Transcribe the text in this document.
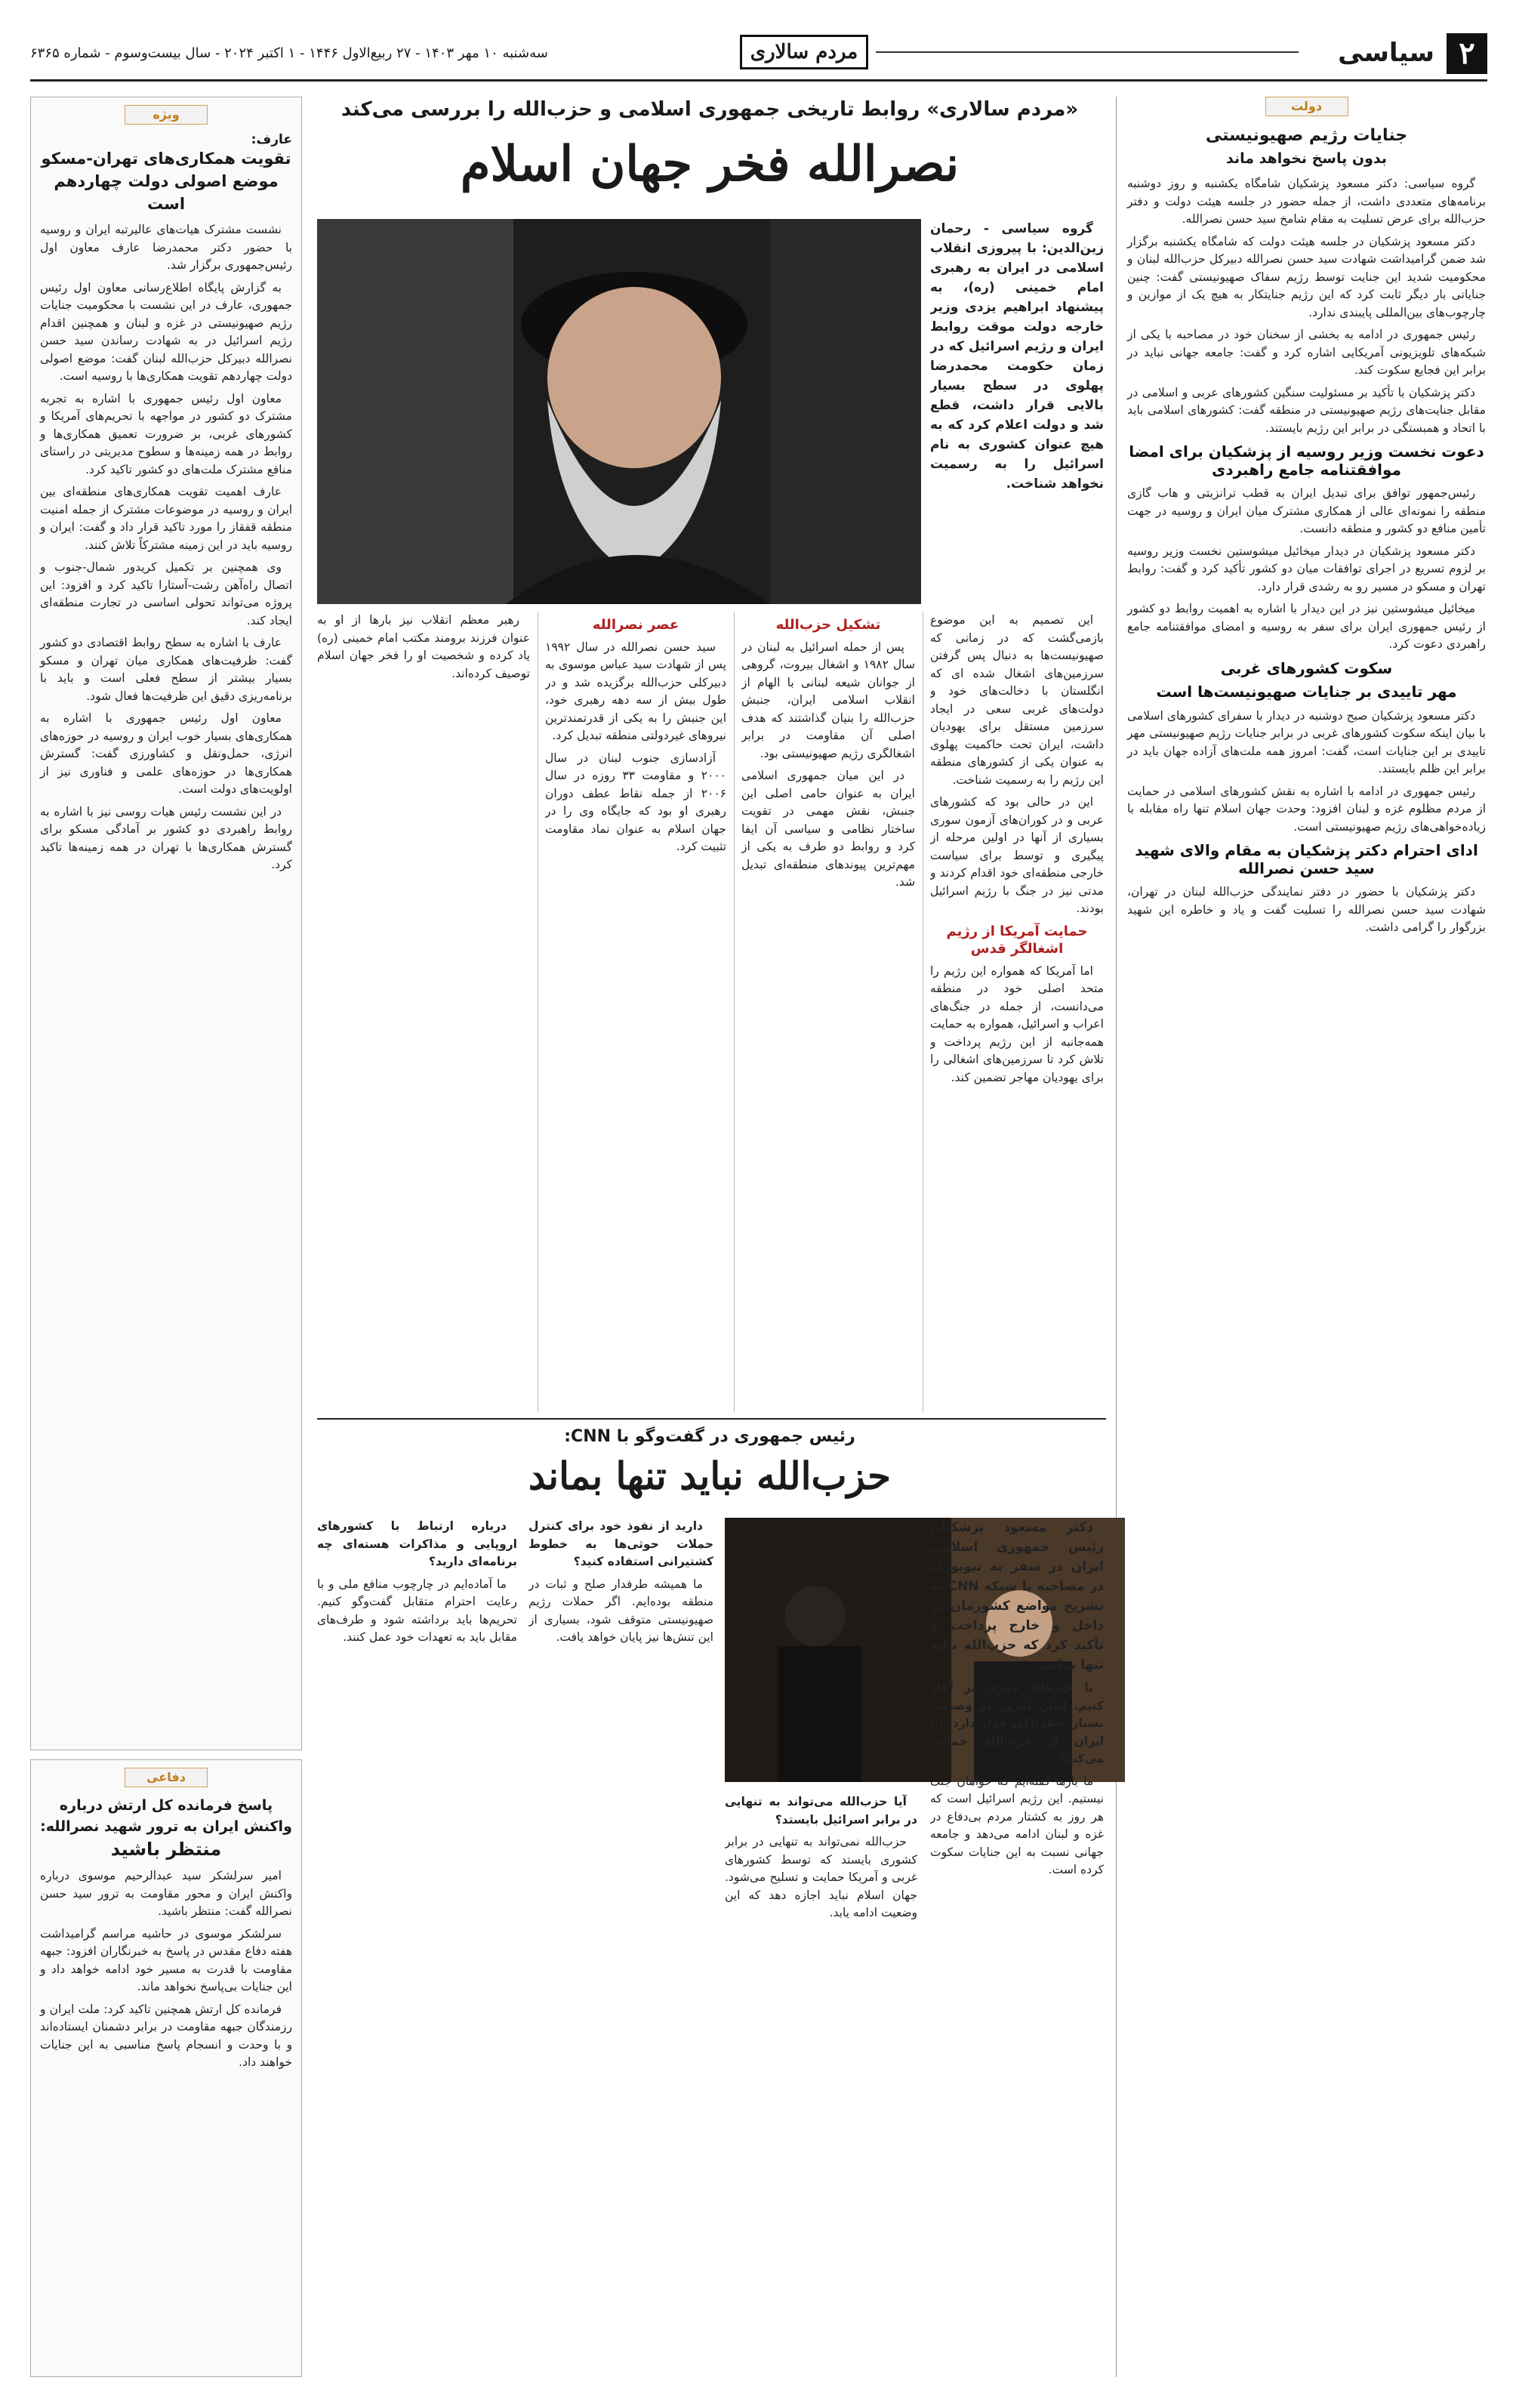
۲
سیاسی
مردم سالاری
سه‌شنبه ۱۰ مهر ۱۴۰۳ - ۲۷ ربیع‌الاول ۱۴۴۶ - ۱ اکتبر ۲۰۲۴ - سال بیست‌وسوم - شماره ۶۳۶۵
دولت
جنایات رژیم صهیونیستی
بدون پاسخ نخواهد ماند

گروه سیاسی: دکتر مسعود پزشکیان شامگاه یکشنبه و روز دوشنبه برنامه‌های متعددی داشت، از جمله حضور در جلسه هیئت دولت و دفتر حزب‌الله برای عرض تسلیت به مقام شامخ سید حسن نصرالله.

دکتر مسعود پزشکیان در جلسه هیئت دولت که شامگاه یکشنبه برگزار شد ضمن گرامیداشت شهادت سید حسن نصرالله دبیرکل حزب‌الله لبنان و محکومیت شدید این جنایت توسط رژیم سفاک صهیونیستی گفت: چنین جنایاتی بار دیگر ثابت کرد که این رژیم جنایتکار به هیچ یک از موازین و چارچوب‌های بین‌المللی پایبندی ندارد.

رئیس جمهوری در ادامه به بخشی از سخنان خود در مصاحبه با یکی از شبکه‌های تلویزیونی آمریکایی اشاره کرد و گفت: جامعه جهانی نباید در برابر این فجایع سکوت کند.

دکتر پزشکیان با تأکید بر مسئولیت سنگین کشورهای عربی و اسلامی در مقابل جنایت‌های رژیم صهیونیستی در منطقه گفت: کشورهای اسلامی باید با اتحاد و همبستگی در برابر این رژیم بایستند.

دعوت نخست وزیر روسیه از پزشکیان برای امضا موافقتنامه جامع راهبردی

رئیس‌جمهور توافق برای تبدیل ایران به قطب ترانزیتی و هاب گازی منطقه را نمونه‌ای عالی از همکاری مشترک میان ایران و روسیه در جهت تأمین منافع دو کشور و منطقه دانست.

دکتر مسعود پزشکیان در دیدار میخائیل میشوستین نخست وزیر روسیه بر لزوم تسریع در اجرای توافقات میان دو کشور تأکید کرد و گفت: روابط تهران و مسکو در مسیر رو به رشدی قرار دارد.

میخائیل میشوستین نیز در این دیدار با اشاره به اهمیت روابط دو کشور از رئیس جمهوری ایران برای سفر به روسیه و امضای موافقتنامه جامع راهبردی دعوت کرد.

سکوت کشورهای غربی
مهر تاییدی بر جنایات صهیونیست‌ها است

دکتر مسعود پزشکیان صبح دوشنبه در دیدار با سفرای کشورهای اسلامی با بیان اینکه سکوت کشورهای غربی در برابر جنایات رژیم صهیونیستی مهر تاییدی بر این جنایات است، گفت: امروز همه ملت‌های آزاده جهان باید در برابر این ظلم بایستند.

رئیس جمهوری در ادامه با اشاره به نقش کشورهای اسلامی در حمایت از مردم مظلوم غزه و لبنان افزود: وحدت جهان اسلام تنها راه مقابله با زیاده‌خواهی‌های رژیم صهیونیستی است.

ادای احترام دکتر پزشکیان به مقام والای شهید سید حسن نصرالله

دکتر پزشکیان با حضور در دفتر نمایندگی حزب‌الله لبنان در تهران، شهادت سید حسن نصرالله را تسلیت گفت و یاد و خاطره این شهید بزرگوار را گرامی داشت.

ویژه
عارف:
تقویت همکاری‌های تهران-مسکو موضع اصولی دولت چهاردهم است

نشست مشترک هیات‌های عالیرتبه ایران و روسیه با حضور دکتر محمدرضا عارف معاون اول رئیس‌جمهوری برگزار شد.

به گزارش پایگاه اطلاع‌رسانی معاون اول رئیس جمهوری، عارف در این نشست با محکومیت جنایات رژیم صهیونیستی در غزه و لبنان و همچنین اقدام رژیم اسرائیل در به شهادت رساندن سید حسن نصرالله دبیرکل حزب‌الله لبنان گفت: موضع اصولی دولت چهاردهم تقویت همکاری‌ها با روسیه است.

معاون اول رئیس جمهوری با اشاره به تجربه مشترک دو کشور در مواجهه با تحریم‌های آمریکا و کشورهای غربی، بر ضرورت تعمیق همکاری‌ها و روابط در همه زمینه‌ها و سطوح مدیریتی در راستای منافع مشترک ملت‌های دو کشور تاکید کرد.

عارف اهمیت تقویت همکاری‌های منطقه‌ای بین ایران و روسیه در موضوعات مشترک از جمله امنیت منطقه قفقاز را مورد تاکید قرار داد و گفت: ایران و روسیه باید در این زمینه مشترکاً تلاش کنند.

وی همچنین بر تکمیل کریدور شمال-جنوب و اتصال راه‌آهن رشت-آستارا تاکید کرد و افزود: این پروژه می‌تواند تحولی اساسی در تجارت منطقه‌ای ایجاد کند.

عارف با اشاره به سطح روابط اقتصادی دو کشور گفت: ظرفیت‌های همکاری میان تهران و مسکو بسیار بیشتر از سطح فعلی است و باید با برنامه‌ریزی دقیق این ظرفیت‌ها فعال شود.

معاون اول رئیس جمهوری با اشاره به همکاری‌های بسیار خوب ایران و روسیه در حوزه‌های انرژی، حمل‌ونقل و کشاورزی گفت: گسترش همکاری‌ها در حوزه‌های علمی و فناوری نیز از اولویت‌های دولت است.

در این نشست رئیس هیات روسی نیز با اشاره به روابط راهبردی دو کشور بر آمادگی مسکو برای گسترش همکاری‌ها با تهران در همه زمینه‌ها تاکید کرد.

دفاعی
پاسخ فرمانده کل ارتش درباره واکنش ایران به ترور شهید نصرالله:
منتظر باشید

امیر سرلشکر سید عبدالرحیم موسوی درباره واکنش ایران و محور مقاومت به ترور سید حسن نصرالله گفت: منتظر باشید.

سرلشکر موسوی در حاشیه مراسم گرامیداشت هفته دفاع مقدس در پاسخ به خبرنگاران افزود: جبهه مقاومت با قدرت به مسیر خود ادامه خواهد داد و این جنایات بی‌پاسخ نخواهد ماند.

فرمانده کل ارتش همچنین تاکید کرد: ملت ایران و رزمندگان جبهه مقاومت در برابر دشمنان ایستاده‌اند و با وحدت و انسجام پاسخ مناسبی به این جنایات خواهند داد.

«مردم سالاری» روابط تاریخی جمهوری اسلامی و حزب‌الله را بررسی می‌کند
نصرالله فخر جهان اسلام

گروه سیاسی - رحمان زین‌الدین: با پیروزی انقلاب اسلامی در ایران به رهبری امام خمینی (ره)، به پیشنهاد ابراهیم یزدی وزیر خارجه دولت موقت روابط ایران و رژیم اسرائیل که در زمان حکومت محمدرضا پهلوی در سطح بسیار بالایی قرار داشت، قطع شد و دولت اعلام کرد که به هیچ عنوان کشوری به نام اسرائیل را به رسمیت نخواهد شناخت.

این تصمیم به این موضوع بازمی‌گشت که در زمانی که صهیونیست‌ها به دنبال پس گرفتن سرزمین‌های اشغال شده ای که انگلستان با دخالت‌های خود و دولت‌های غربی سعی در ایجاد سرزمین مستقل برای یهودیان داشت، ایران تحت حاکمیت پهلوی به عنوان یکی از کشورهای منطقه این رژیم را به رسمیت شناخت.

این در حالی بود که کشورهای عربی و در کوران‌های آزمون سوری بسیاری از آنها در اولین مرحله از پیگیری و توسط برای سیاست خارجی منطقه‌ای خود اقدام کردند و مدتی نیز در جنگ با رژیم اسرائیل بودند.

حمایت آمریکا از رژیم اشغالگر قدس

اما آمریکا که همواره این رژیم را متحد اصلی خود در منطقه می‌دانست، از جمله در جنگ‌های اعراب و اسرائیل، همواره به حمایت همه‌جانبه از این رژیم پرداخت و تلاش کرد تا سرزمین‌های اشغالی را برای یهودیان مهاجر تضمین کند.

تشکیل حزب‌الله

پس از حمله اسرائیل به لبنان در سال ۱۹۸۲ و اشغال بیروت، گروهی از جوانان شیعه لبنانی با الهام از انقلاب اسلامی ایران، جنبش حزب‌الله را بنیان گذاشتند که هدف اصلی آن مقاومت در برابر اشغالگری رژیم صهیونیستی بود.

در این میان جمهوری اسلامی ایران به عنوان حامی اصلی این جنبش، نقش مهمی در تقویت ساختار نظامی و سیاسی آن ایفا کرد و روابط دو طرف به یکی از مهم‌ترین پیوندهای منطقه‌ای تبدیل شد.

عصر نصرالله

سید حسن نصرالله در سال ۱۹۹۲ پس از شهادت سید عباس موسوی به دبیرکلی حزب‌الله برگزیده شد و در طول بیش از سه دهه رهبری خود، این جنبش را به یکی از قدرتمندترین نیروهای غیردولتی منطقه تبدیل کرد.

آزادسازی جنوب لبنان در سال ۲۰۰۰ و مقاومت ۳۳ روزه در سال ۲۰۰۶ از جمله نقاط عطف دوران رهبری او بود که جایگاه وی را در جهان اسلام به عنوان نماد مقاومت تثبیت کرد.

رهبر معظم انقلاب نیز بارها از او به عنوان فرزند برومند مکتب امام خمینی (ره) یاد کرده و شخصیت او را فخر جهان اسلام توصیف کرده‌اند.

رئیس جمهوری در گفت‌وگو با CNN:
حزب‌الله نباید تنها بماند

دکتر مسعود پزشکیان رئیس جمهوری اسلامی ایران در سفر به نیویورک در مصاحبه با شبکه CNN به تشریح مواضع کشورمان در داخل و خارج پرداخت و تأکید کرد که حزب‌الله نباید تنها بماند.

با خبرهای فوری تر آغاز کنیم. لبنان امروز در وضعیت بسیار خطرناکی قرار دارد. آیا ایران از حزب‌الله حمایت می‌کند؟

ما بارها گفته‌ایم که خواهان جنگ نیستیم. این رژیم اسرائیل است که هر روز به کشتار مردم بی‌دفاع در غزه و لبنان ادامه می‌دهد و جامعه جهانی نسبت به این جنایات سکوت کرده است.

آیا حزب‌الله می‌تواند به تنهایی در برابر اسرائیل بایستد؟

حزب‌الله نمی‌تواند به تنهایی در برابر کشوری بایستد که توسط کشورهای غربی و آمریکا حمایت و تسلیح می‌شود. جهان اسلام نباید اجازه دهد که این وضعیت ادامه یابد.

دارید از نفوذ خود برای کنترل حملات حوثی‌ها به خطوط کشتیرانی استفاده کنید؟

ما همیشه طرفدار صلح و ثبات در منطقه بوده‌ایم. اگر حملات رژیم صهیونیستی متوقف شود، بسیاری از این تنش‌ها نیز پایان خواهد یافت.

درباره ارتباط با کشورهای اروپایی و مذاکرات هسته‌ای چه برنامه‌ای دارید؟

ما آماده‌ایم در چارچوب منافع ملی و با رعایت احترام متقابل گفت‌وگو کنیم. تحریم‌ها باید برداشته شود و طرف‌های مقابل باید به تعهدات خود عمل کنند.
